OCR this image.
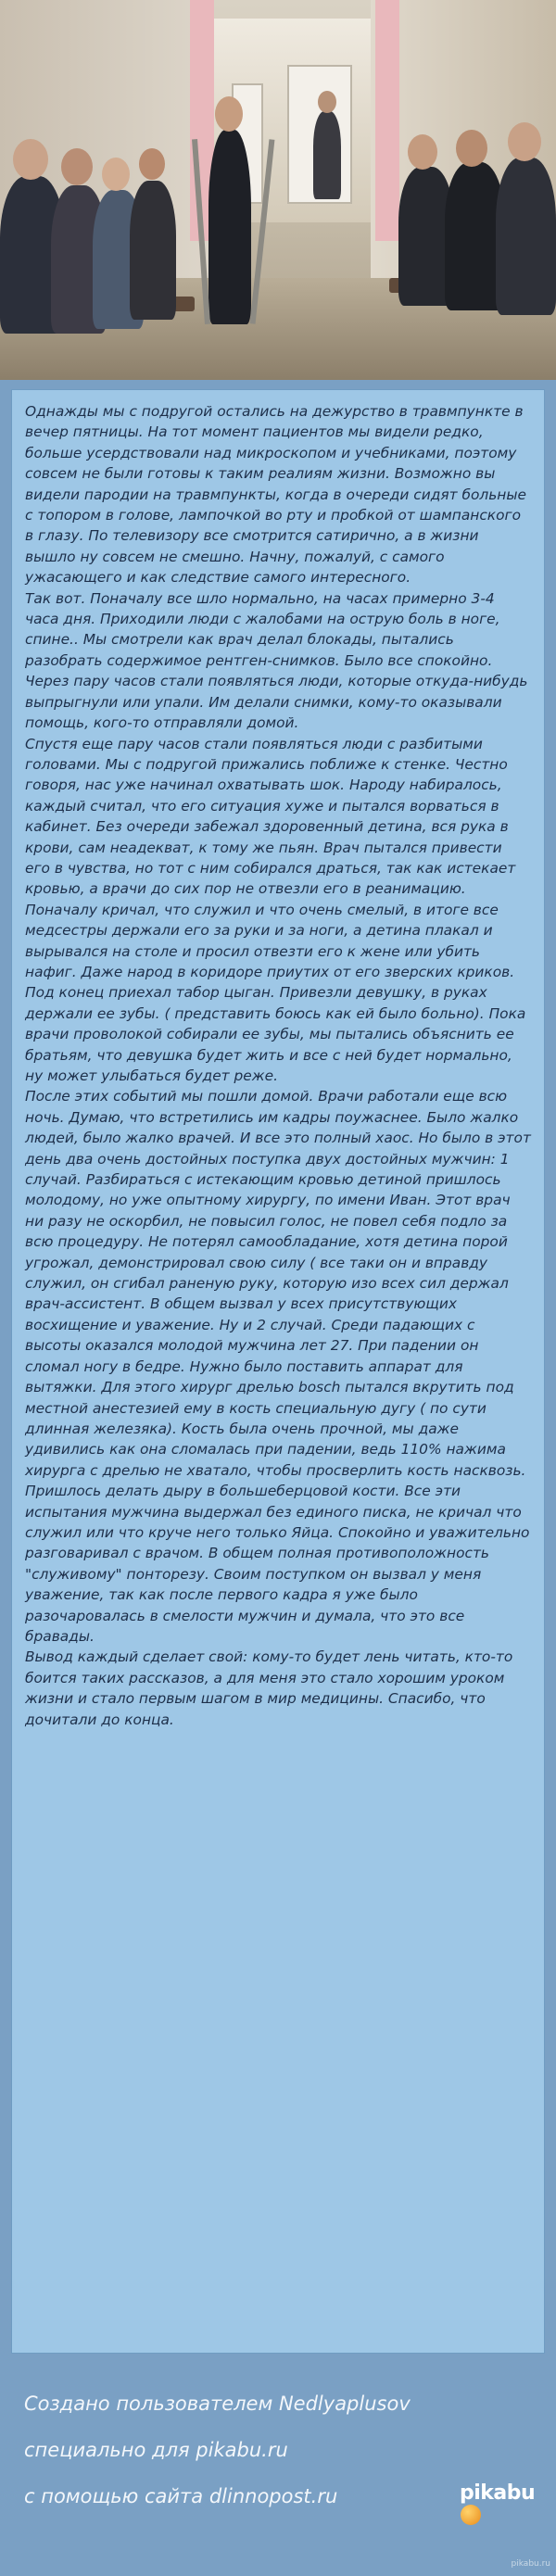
Однажды мы с подругой остались на дежурство в травмпункте в вечер пятницы. На тот момент пациентов мы видели редко, больше усердствовали над микроскопом и учебниками, поэтому совсем не были готовы к таким реалиям жизни. Возможно вы видели пародии на травмпункты, когда в очереди сидят больные с топором в голове, лампочкой во рту и пробкой от шампанского в глазу. По телевизору все смотрится сатирично, а в жизни вышло ну совсем не смешно. Начну, пожалуй, с самого ужасающего и как следствие самого интересного.

Так вот. Поначалу все шло нормально, на часах примерно 3-4 часа дня. Приходили люди с жалобами на острую боль в ноге, спине.. Мы смотрели как врач делал блокады, пытались разобрать содержимое рентген-снимков. Было все спокойно. Через пару часов стали появляться люди, которые откуда-нибудь выпрыгнули или упали. Им делали снимки, кому-то оказывали помощь, кого-то отправляли домой.

Спустя еще пару часов стали появляться люди с разбитыми головами. Мы с подругой прижались поближе к стенке. Честно говоря, нас уже начинал охватывать шок. Народу набиралось, каждый считал, что его ситуация хуже и пытался ворваться в кабинет. Без очереди забежал здоровенный детина, вся рука в крови, сам неадекват, к тому же пьян. Врач пытался привести его в чувства, но тот с ним собирался драться, так как истекает кровью, а врачи до сих пор не отвезли его в реанимацию. Поначалу кричал, что служил и что очень смелый, в итоге все медсестры держали его за руки и за ноги, а детина плакал и вырывался на столе и просил отвезти его к жене или убить нафиг. Даже народ в коридоре приутих от его зверских криков.

Под конец приехал табор цыган. Привезли девушку, в руках держали ее зубы. ( представить боюсь как ей было больно). Пока врачи проволокой собирали ее зубы, мы пытались объяснить ее братьям, что девушка будет жить и все с ней будет нормально, ну может улыбаться будет реже.

После этих событий мы пошли домой. Врачи работали еще всю ночь. Думаю, что встретились им кадры поужаснее. Было жалко людей, было жалко врачей. И все это полный хаос. Но было в этот день два очень достойных поступка двух достойных мужчин: 1 случай. Разбираться с истекающим кровью детиной пришлось молодому, но уже опытному хирургу, по имени Иван. Этот врач ни разу не оскорбил, не повысил голос, не повел себя подло за всю процедуру. Не потерял самообладание, хотя детина порой угрожал, демонстрировал свою силу ( все таки он и вправду служил, он сгибал раненую руку, которую изо всех сил держал врач-ассистент. В общем вызвал у всех присутствующих восхищение и уважение. Ну и 2 случай. Среди падающих с высоты оказался молодой мужчина лет 27. При падении он сломал ногу в бедре. Нужно было поставить аппарат для вытяжки. Для этого хирург дрелью bosch пытался вкрутить под местной анестезией ему в кость специальную дугу ( по сути длинная железяка). Кость была очень прочной, мы даже удивились как она сломалась при падении, ведь 110% нажима хирурга с дрелью не хватало, чтобы просверлить кость насквозь. Пришлось делать дыру в большеберцовой кости. Все эти испытания мужчина выдержал без единого писка, не кричал что служил или что круче него только Яйца. Спокойно и уважительно разговаривал с врачом. В общем полная противоположность "служивому" понторезу. Своим поступком он вызвал у меня уважение, так как после первого кадра я уже было разочаровалась в смелости мужчин и думала, что это все бравады.

Вывод каждый сделает свой: кому-то будет лень читать, кто-то боится таких рассказов, а для меня это стало хорошим уроком жизни и стало первым шагом в мир медицины. Спасибо, что дочитали до конца.

Создано пользователем Nedlyaplusov
специально для pikabu.ru
с помощью сайта dlinnopost.ru	pikabu
pikabu.ru
